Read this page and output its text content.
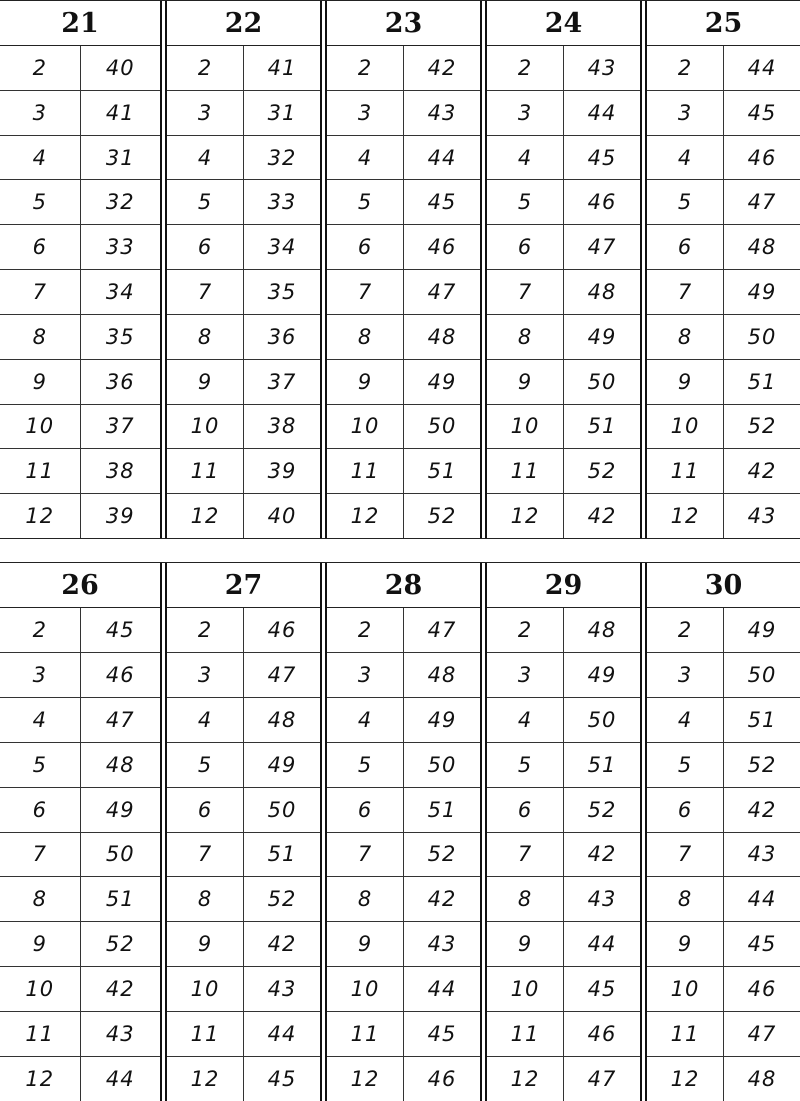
21
2	40
3	41
4	31
5	32
6	33
7	34
8	35
9	36
10	37
11	38
12	39
22
2	41
3	31
4	32
5	33
6	34
7	35
8	36
9	37
10	38
11	39
12	40
23
2	42
3	43
4	44
5	45
6	46
7	47
8	48
9	49
10	50
11	51
12	52
24
2	43
3	44
4	45
5	46
6	47
7	48
8	49
9	50
10	51
11	52
12	42
25
2	44
3	45
4	46
5	47
6	48
7	49
8	50
9	51
10	52
11	42
12	43
26
2	45
3	46
4	47
5	48
6	49
7	50
8	51
9	52
10	42
11	43
12	44
27
2	46
3	47
4	48
5	49
6	50
7	51
8	52
9	42
10	43
11	44
12	45
28
2	47
3	48
4	49
5	50
6	51
7	52
8	42
9	43
10	44
11	45
12	46
29
2	48
3	49
4	50
5	51
6	52
7	42
8	43
9	44
10	45
11	46
12	47
30
2	49
3	50
4	51
5	52
6	42
7	43
8	44
9	45
10	46
11	47
12	48
